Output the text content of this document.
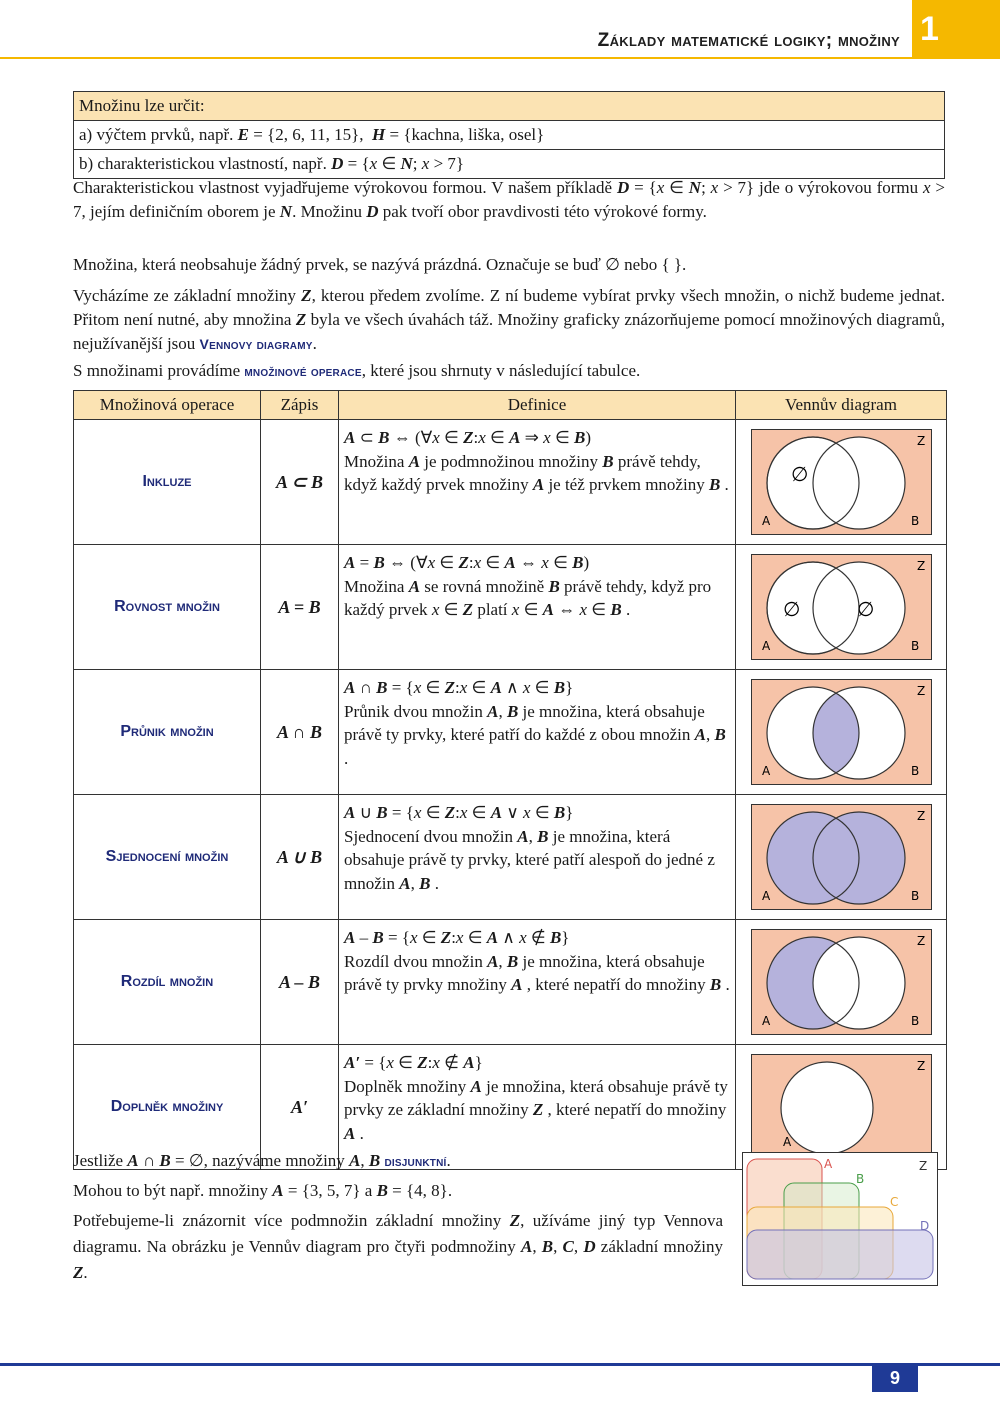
Základy matematické logiky; množiny 1
Množinu lze určit:
a) výčtem prvků, např. E = {2, 6, 11, 15},  H = {kachna, liška, osel}
b) charakteristickou vlastností, např. D = {x ∈ N; x > 7}

Charakteristickou vlastnost vyjadřujeme výrokovou formou. V našem příkladě D = {x ∈ N; x > 7} jde o výrokovou formu x > 7, jejím definičním oborem je N. Množinu D pak tvoří obor pravdivosti této výrokové formy.

Množina, která neobsahuje žádný prvek, se nazývá prázdná. Označuje se buď ∅ nebo { }.

Vycházíme ze základní množiny Z, kterou předem zvolíme. Z ní budeme vybírat prvky všech množin, o nichž budeme jednat. Přitom není nutné, aby množina Z byla ve všech úvahách táž. Množiny graficky znázorňujeme pomocí množinových diagramů, nejužívanější jsou Vennovy diagramy.

S množinami provádíme množinové operace, které jsou shrnuty v následující tabulce.

Množinová operace	Zápis	Definice	Vennův diagram
Inkluze	A ⊂ B	A ⊂ B ⇔ (∀x ∈ Z:x ∈ A ⇒ x ∈ B)
Množina A je podmnožinou množiny B právě tehdy, když každý prvek množiny A je též prvkem množiny B .	∅
A B
Z

Rovnost množin	A = B	A = B ⇔ (∀x ∈ Z:x ∈ A ⇔ x ∈ B)
Množina A se rovná množině B právě tehdy, když pro každý prvek x ∈ Z platí x ∈ A ⇔ x ∈ B .	∅ ∅
A B
Z

Průnik množin	A ∩ B	A ∩ B = {x ∈ Z:x ∈ A ∧ x ∈ B}
Průnik dvou množin A, B je množina, která obsahuje právě ty prvky, které patří do každé z obou množin A, B .	A B
Z

Sjednocení množin	A ∪ B	A ∪ B = {x ∈ Z:x ∈ A ∨ x ∈ B}
Sjednocení dvou množin A, B je množina, která obsahuje právě ty prvky, které patří alespoň do jedné z množin A, B .	A B
Z

Rozdíl množin	A – B	A – B = {x ∈ Z:x ∈ A ∧ x ∉ B}
Rozdíl dvou množin A, B je množina, která obsahuje právě ty prvky množiny A , které nepatří do množiny B .	A B
Z

Doplněk množiny	A′	A′ = {x ∈ Z:x ∉ A}
Doplněk množiny A je množina, která obsahuje právě ty prvky ze základní množiny Z , které nepatří do množiny A .	A
Z

Jestliže A ∩ B = ∅, nazýváme množiny A, B disjunktní.

Mohou to být např. množiny A = {3, 5, 7} a B = {4, 8}.

Potřebujeme-li znázornit více podmnožin základní množiny Z, užíváme jiný typ Vennova diagramu. Na obrázku je Vennův diagram pro čtyři podmnožiny A, B, C, D základní množiny Z.

A
B
C
D
Z
9
